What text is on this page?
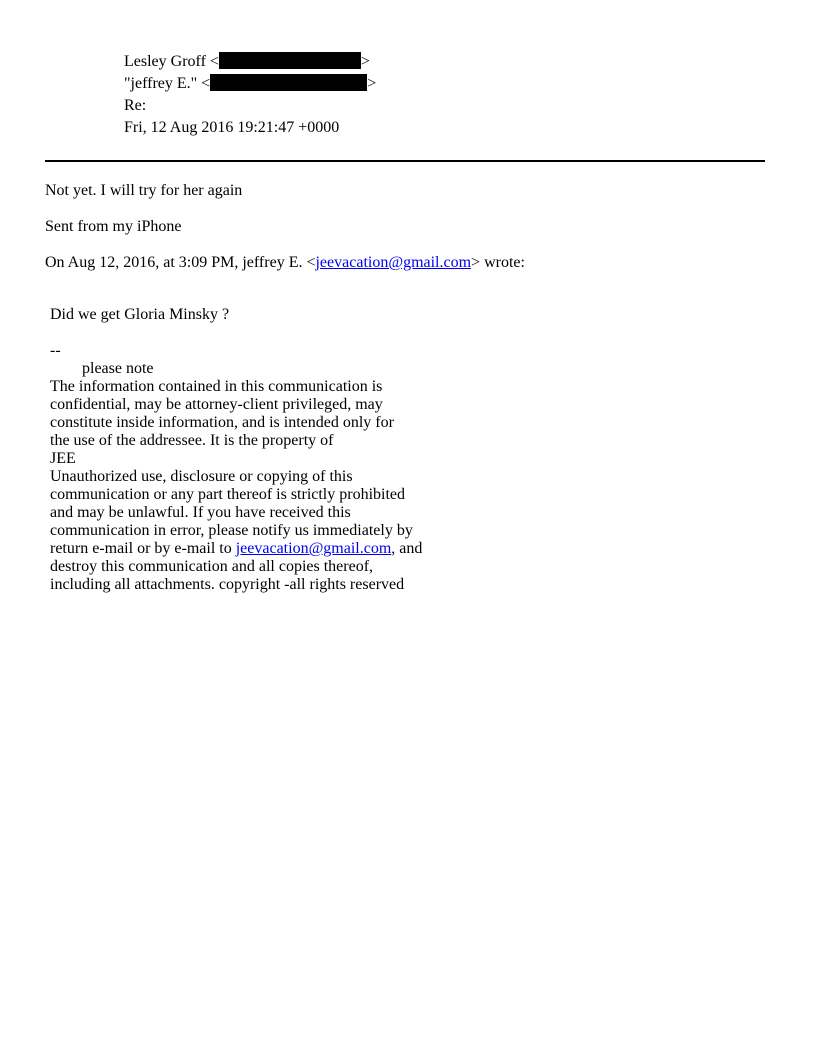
Lesley Groff <	>
"jeffrey E." <	>
Re:
Fri, 12 Aug 2016 19:21:47 +0000
Not yet. I will try for her again
Sent from my iPhone
On Aug 12, 2016, at 3:09 PM, jeffrey E. <jeevacation@gmail.com> wrote:
Did we get Gloria Minsky ?
--
please note
The information contained in this communication is
confidential, may be attorney-client privileged, may
constitute inside information, and is intended only for
the use of the addressee. It is the property of
JEE
Unauthorized use, disclosure or copying of this
communication or any part thereof is strictly prohibited
and may be unlawful. If you have received this
communication in error, please notify us immediately by
return e-mail or by e-mail to jeevacation@gmail.com, and
destroy this communication and all copies thereof,
including all attachments. copyright -all rights reserved
